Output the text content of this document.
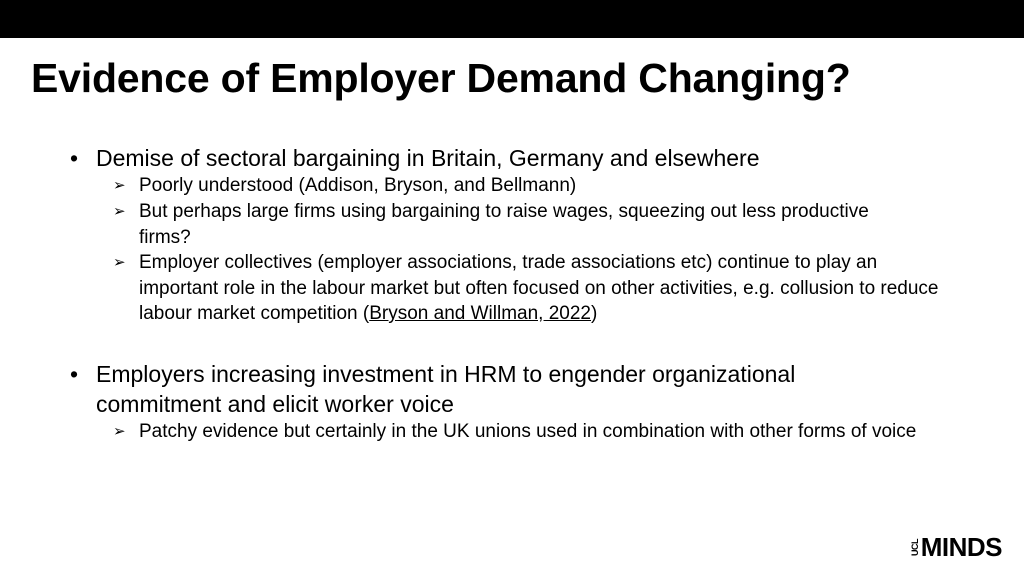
Evidence of Employer Demand Changing?
• Demise of sectoral bargaining in Britain, Germany and elsewhere
➢ Poorly understood (Addison, Bryson, and Bellmann)
➢ But perhaps large firms using bargaining to raise wages, squeezing out less productive firms?
➢ Employer collectives (employer associations, trade associations etc) continue to play an important role in the labour market but often focused on other activities, e.g. collusion to reduce labour market competition (Bryson and Willman, 2022)
• Employers increasing investment in HRM to engender organizational commitment and elicit worker voice
➢ Patchy evidence but certainly in the UK unions used in combination with other forms of voice
UCL MINDS
